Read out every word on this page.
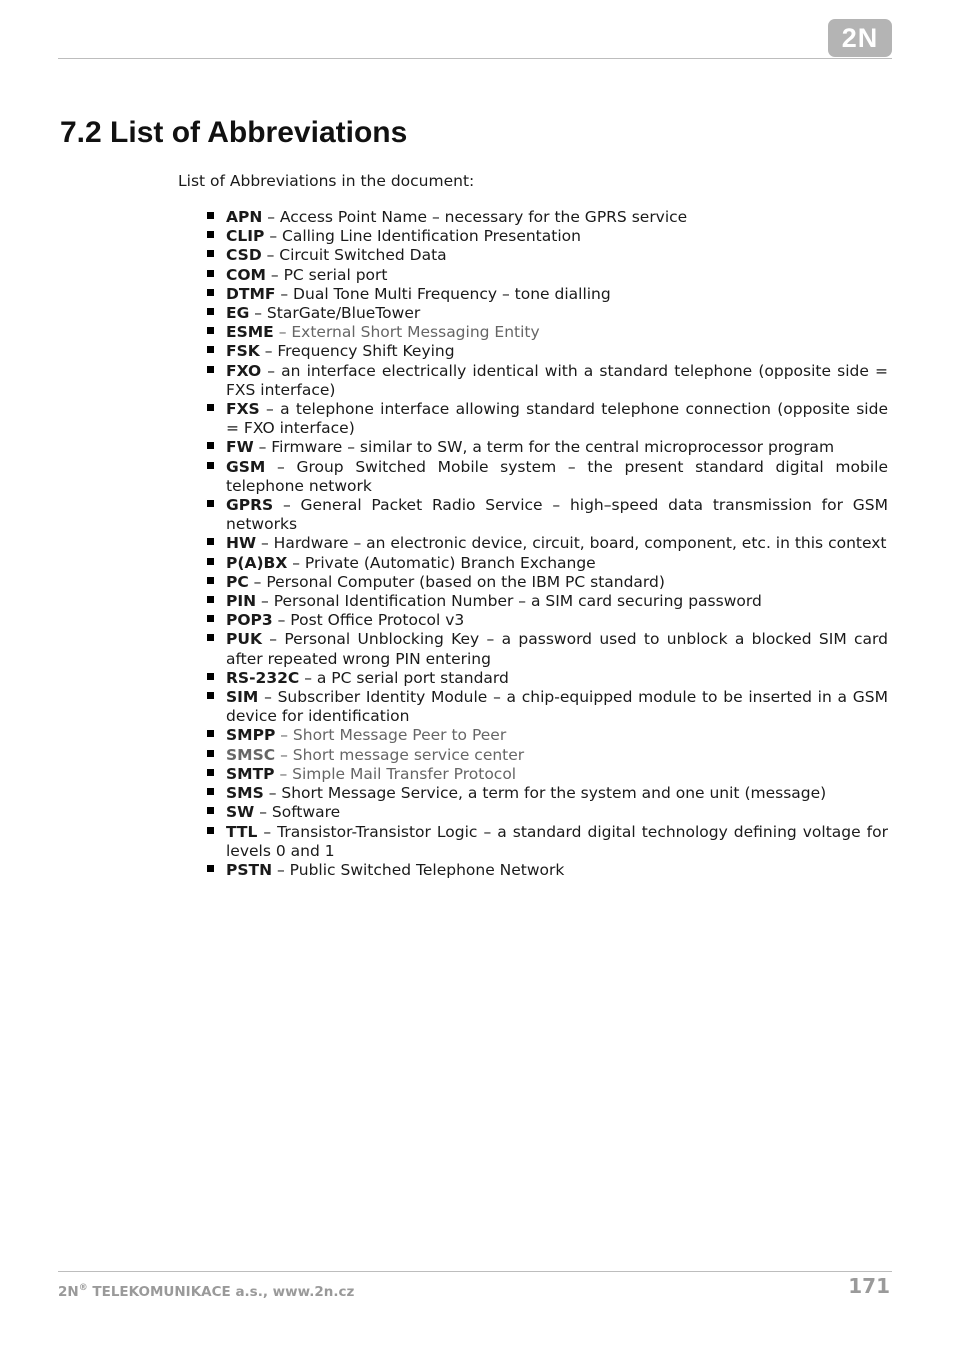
2N
7.2 List of Abbreviations

List of Abbreviations in the document:

APN – Access Point Name – necessary for the GPRS service
CLIP – Calling Line Identification Presentation
CSD – Circuit Switched Data
COM – PC serial port
DTMF – Dual Tone Multi Frequency – tone dialling
EG – StarGate/BlueTower
ESME – External Short Messaging Entity
FSK – Frequency Shift Keying
FXO – an interface electrically identical with a standard telephone (opposite side = FXS interface)
FXS – a telephone interface allowing standard telephone connection (opposite side = FXO interface)
FW – Firmware – similar to SW, a term for the central microprocessor program
GSM – Group Switched Mobile system – the present standard digital mobile telephone network
GPRS – General Packet Radio Service – high–speed data transmission for GSM networks
HW – Hardware – an electronic device, circuit, board, component, etc. in this context
P(A)BX – Private (Automatic) Branch Exchange
PC – Personal Computer (based on the IBM PC standard)
PIN – Personal Identification Number – a SIM card securing password
POP3 – Post Office Protocol v3
PUK – Personal Unblocking Key – a password used to unblock a blocked SIM card after repeated wrong PIN entering
RS-232C – a PC serial port standard
SIM – Subscriber Identity Module – a chip-equipped module to be inserted in a GSM device for identification
SMPP – Short Message Peer to Peer
SMSC – Short message service center
SMTP – Simple Mail Transfer Protocol
SMS – Short Message Service, a term for the system and one unit (message)
SW – Software
TTL – Transistor-Transistor Logic – a standard digital technology defining voltage for levels 0 and 1
PSTN – Public Switched Telephone Network
2N® TELEKOMUNIKACE a.s., www.2n.cz	171
